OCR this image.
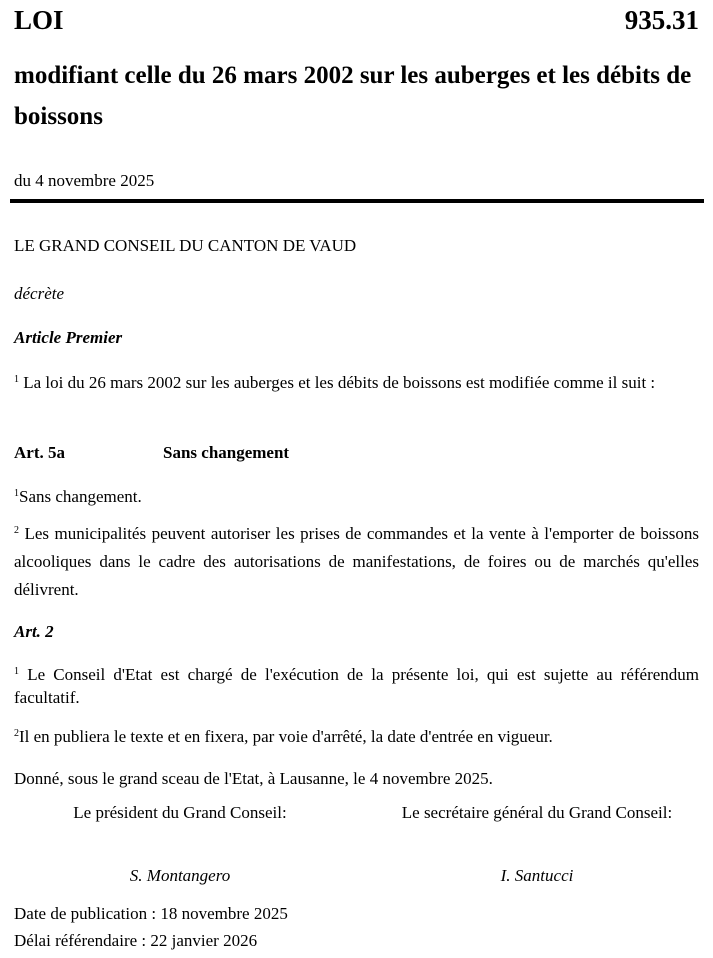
LOI	935.31
modifiant celle du 26 mars 2002 sur les auberges et les débits de boissons
du 4 novembre 2025
LE GRAND CONSEIL DU CANTON DE VAUD
décrète
Article Premier
$^1$ La loi du 26 mars 2002 sur les auberges et les débits de boissons est modifiée comme il suit :
Art. 5a	Sans changement
$^1$Sans changement.
$^2$ Les municipalités peuvent autoriser les prises de commandes et la vente à l'emporter de boissons alcooliques dans le cadre des autorisations de manifestations, de foires ou de marchés qu'elles délivrent.
Art. 2
$^1$ Le Conseil d'Etat est chargé de l'exécution de la présente loi, qui est sujette au référendum facultatif.
$^2$Il en publiera le texte et en fixera, par voie d'arrêté, la date d'entrée en vigueur.
Donné, sous le grand sceau de l'Etat, à Lausanne, le 4 novembre 2025.
Le président du Grand Conseil:	Le secrétaire général du Grand Conseil:
S. Montangero	I. Santucci
Date de publication : 18 novembre 2025
Délai référendaire : 22 janvier 2026
